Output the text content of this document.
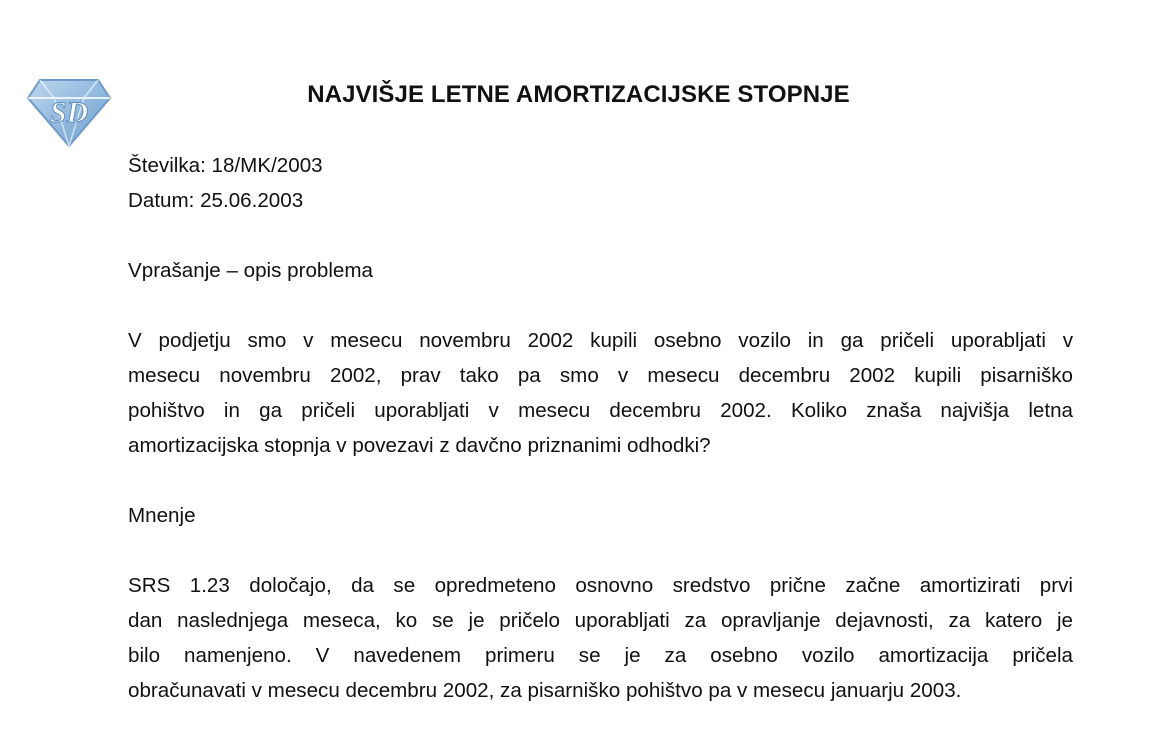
SD
NAJVIŠJE LETNE AMORTIZACIJSKE STOPNJE
Številka: 18/MK/2003
Datum: 25.06.2003
Vprašanje – opis problema
V podjetju smo v mesecu novembru 2002 kupili osebno vozilo in ga pričeli uporabljati v
mesecu novembru 2002, prav tako pa smo v mesecu decembru 2002 kupili pisarniško
pohištvo in ga pričeli uporabljati v mesecu decembru 2002. Koliko znaša najvišja letna
amortizacijska stopnja v povezavi z davčno priznanimi odhodki?
Mnenje
SRS 1.23 določajo, da se opredmeteno osnovno sredstvo prične začne amortizirati prvi
dan naslednjega meseca, ko se je pričelo uporabljati za opravljanje dejavnosti, za katero je
bilo namenjeno. V navedenem primeru se je za osebno vozilo amortizacija pričela
obračunavati v mesecu decembru 2002, za pisarniško pohištvo pa v mesecu januarju 2003.
